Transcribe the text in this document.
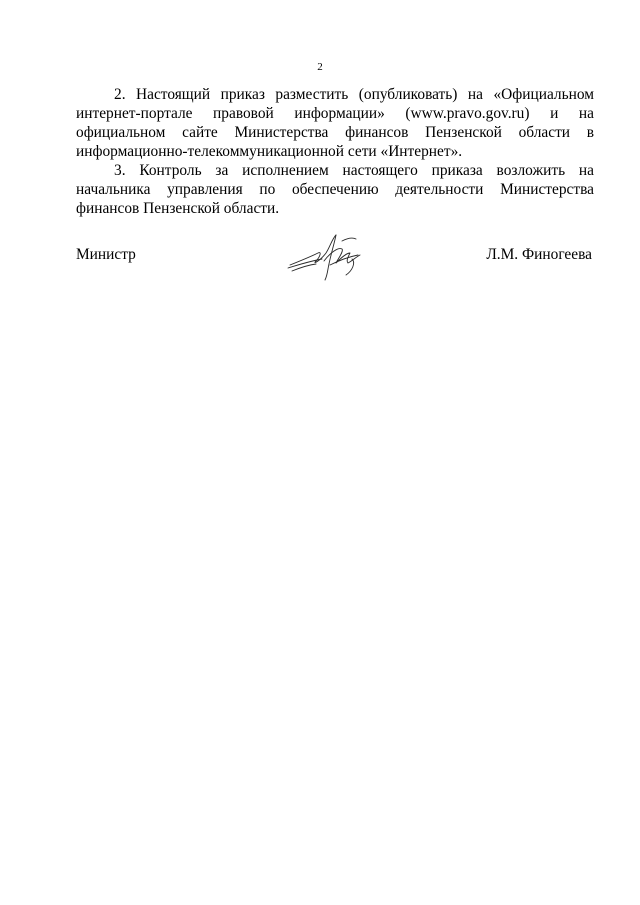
2

2. Настоящий приказ разместить (опубликовать) на «Официальном интернет-портале правовой информации» (www.pravo.gov.ru) и на официальном сайте Министерства финансов Пензенской области в информационно-телекоммуникационной сети «Интернет».

3. Контроль за исполнением настоящего приказа возложить на начальника управления по обеспечению деятельности Министерства финансов Пензенской области.

Министр	Л.М. Финогеева
